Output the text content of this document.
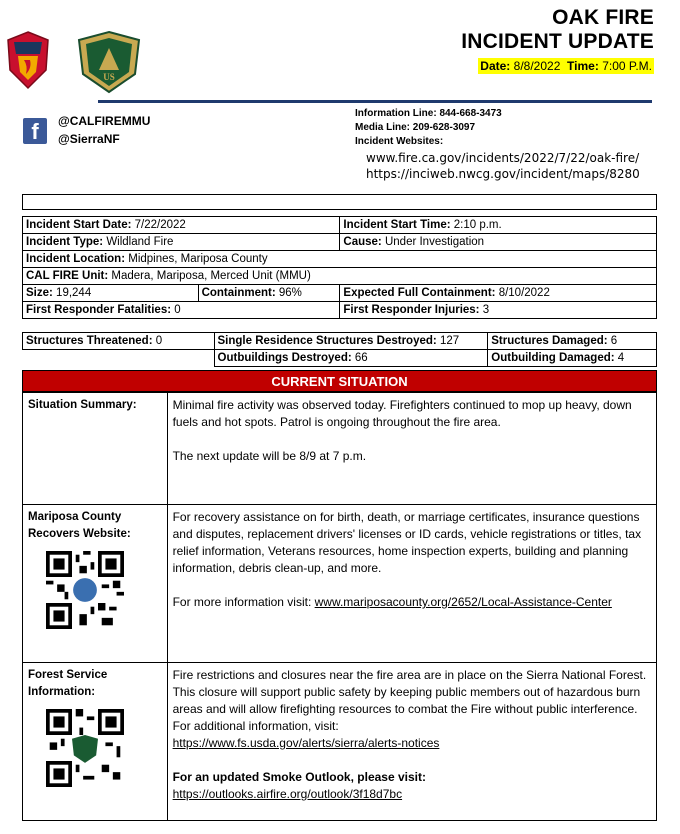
US
OAK FIRE
INCIDENT UPDATE
Date: 8/8/2022 Time: 7:00 P.M.
f	@CALFIREMMU
@SierraNF
Information Line: 844-668-3473
Media Line: 209-628-3097
Incident Websites:
www.fire.ca.gov/incidents/2022/7/22/oak-fire/
https://inciweb.nwcg.gov/incident/maps/8280
Incident Start Date: 7/22/2022		Incident Start Time: 2:10 p.m.
Incident Type: Wildland Fire		Cause: Under Investigation
Incident Location: Midpines, Mariposa County		
CAL FIRE Unit: Madera, Mariposa, Merced Unit (MMU)		
Size: 19,244	Containment: 96%	Expected Full Containment: 8/10/2022
First Responder Fatalities: 0		First Responder Injuries: 3
Structures Threatened: 0	Single Residence Structures Destroyed: 127	Structures Damaged: 6
	Outbuildings Destroyed: 66	Outbuilding Damaged: 4
CURRENT SITUATION
Situation Summary:	Minimal fire activity was observed today. Firefighters continued to mop up heavy, down fuels and hot spots. Patrol is ongoing throughout the fire area.
The next update will be 8/9 at 7 p.m.

Mariposa County Recovers Website:	For recovery assistance on for birth, death, or marriage certificates, insurance questions and disputes, replacement drivers' licenses or ID cards, vehicle registrations or titles, tax relief information, Veterans resources, home inspection experts, building and planning information, debris clean-up, and more.
For more information visit: www.mariposacounty.org/2652/Local-Assistance-Center

Forest Service Information:	Fire restrictions and closures near the fire area are in place on the Sierra National Forest. This closure will support public safety by keeping public members out of hazardous burn areas and will allow firefighting resources to combat the Fire without public interference. For additional information, visit:
https://www.fs.usda.gov/alerts/sierra/alerts-notices
For an updated Smoke Outlook, please visit:
https://outlooks.airfire.org/outlook/3f18d7bc
